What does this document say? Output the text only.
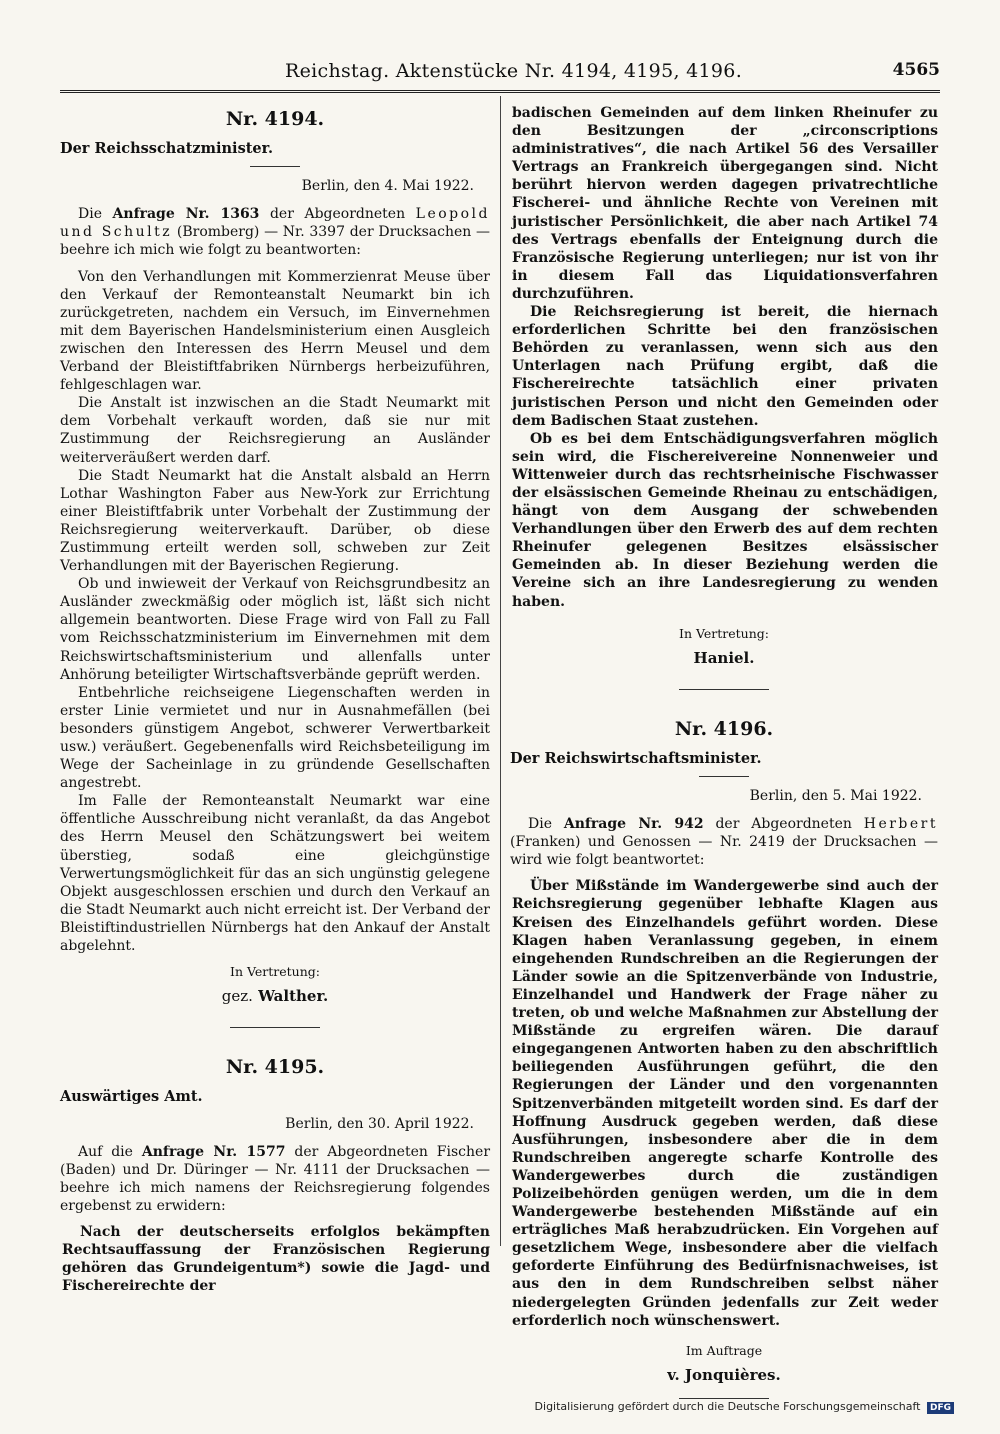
Reichstag. Aktenstücke Nr. 4194, 4195, 4196.	4565
Nr. 4194.
Der Reichsschatzminister.
Berlin, den 4. Mai 1922.

Die Anfrage Nr. 1363 der Abgeordneten Leopold und Schultz (Bromberg) — Nr. 3397 der Drucksachen — beehre ich mich wie folgt zu beantworten:

Von den Verhandlungen mit Kommerzienrat Meuse über den Verkauf der Remonteanstalt Neumarkt bin ich zurückgetreten, nachdem ein Versuch, im Einvernehmen mit dem Bayerischen Handelsministerium einen Ausgleich zwischen den Interessen des Herrn Meusel und dem Verband der Bleistiftfabriken Nürnbergs herbeizuführen, fehlgeschlagen war.

Die Anstalt ist inzwischen an die Stadt Neumarkt mit dem Vorbehalt verkauft worden, daß sie nur mit Zustimmung der Reichsregierung an Ausländer weiterveräußert werden darf.

Die Stadt Neumarkt hat die Anstalt alsbald an Herrn Lothar Washington Faber aus New-York zur Errichtung einer Bleistiftfabrik unter Vorbehalt der Zustimmung der Reichsregierung weiterverkauft. Darüber, ob diese Zustimmung erteilt werden soll, schweben zur Zeit Verhandlungen mit der Bayerischen Regierung.

Ob und inwieweit der Verkauf von Reichsgrundbesitz an Ausländer zweckmäßig oder möglich ist, läßt sich nicht allgemein beantworten. Diese Frage wird von Fall zu Fall vom Reichsschatzministerium im Einvernehmen mit dem Reichswirtschaftsministerium und allenfalls unter Anhörung beteiligter Wirtschaftsverbände geprüft werden.

Entbehrliche reichseigene Liegenschaften werden in erster Linie vermietet und nur in Ausnahmefällen (bei besonders günstigem Angebot, schwerer Verwertbarkeit usw.) veräußert. Gegebenenfalls wird Reichsbeteiligung im Wege der Sacheinlage in zu gründende Gesellschaften angestrebt.

Im Falle der Remonteanstalt Neumarkt war eine öffentliche Ausschreibung nicht veranlaßt, da das Angebot des Herrn Meusel den Schätzungswert bei weitem überstieg, sodaß eine gleichgünstige Verwertungsmöglichkeit für das an sich ungünstig gelegene Objekt ausgeschlossen erschien und durch den Verkauf an die Stadt Neumarkt auch nicht erreicht ist. Der Verband der Bleistiftindustriellen Nürnbergs hat den Ankauf der Anstalt abgelehnt.

In Vertretung:
gez. Walther.
Nr. 4195.
Auswärtiges Amt.
Berlin, den 30. April 1922.

Auf die Anfrage Nr. 1577 der Abgeordneten Fischer (Baden) und Dr. Düringer — Nr. 4111 der Drucksachen — beehre ich mich namens der Reichsregierung folgendes ergebenst zu erwidern:

Nach der deutscherseits erfolglos bekämpften Rechtsauffassung der Französischen Regierung gehören das Grundeigentum*) sowie die Jagd- und Fischereirechte der

badischen Gemeinden auf dem linken Rheinufer zu den Besitzungen der „circonscriptions administratives“, die nach Artikel 56 des Versailler Vertrags an Frankreich übergegangen sind. Nicht berührt hiervon werden dagegen privatrechtliche Fischerei- und ähnliche Rechte von Vereinen mit juristischer Persönlichkeit, die aber nach Artikel 74 des Vertrags ebenfalls der Enteignung durch die Französische Regierung unterliegen; nur ist von ihr in diesem Fall das Liquidationsverfahren durchzuführen.

Die Reichsregierung ist bereit, die hiernach erforderlichen Schritte bei den französischen Behörden zu veranlassen, wenn sich aus den Unterlagen nach Prüfung ergibt, daß die Fischereirechte tatsächlich einer privaten juristischen Person und nicht den Gemeinden oder dem Badischen Staat zustehen.

Ob es bei dem Entschädigungsverfahren möglich sein wird, die Fischereivereine Nonnenweier und Wittenweier durch das rechtsrheinische Fischwasser der elsässischen Gemeinde Rheinau zu entschädigen, hängt von dem Ausgang der schwebenden Verhandlungen über den Erwerb des auf dem rechten Rheinufer gelegenen Besitzes elsässischer Gemeinden ab. In dieser Beziehung werden die Vereine sich an ihre Landesregierung zu wenden haben.

In Vertretung:
Haniel.
Nr. 4196.
Der Reichswirtschaftsminister.
Berlin, den 5. Mai 1922.

Die Anfrage Nr. 942 der Abgeordneten Herbert (Franken) und Genossen — Nr. 2419 der Drucksachen — wird wie folgt beantwortet:

Über Mißstände im Wandergewerbe sind auch der Reichsregierung gegenüber lebhafte Klagen aus Kreisen des Einzelhandels geführt worden. Diese Klagen haben Veranlassung gegeben, in einem eingehenden Rundschreiben an die Regierungen der Länder sowie an die Spitzenverbände von Industrie, Einzelhandel und Handwerk der Frage näher zu treten, ob und welche Maßnahmen zur Abstellung der Mißstände zu ergreifen wären. Die darauf eingegangenen Antworten haben zu den abschriftlich beiliegenden Ausführungen geführt, die den Regierungen der Länder und den vorgenannten Spitzenverbänden mitgeteilt worden sind. Es darf der Hoffnung Ausdruck gegeben werden, daß diese Ausführungen, insbesondere aber die in dem Rundschreiben angeregte scharfe Kontrolle des Wandergewerbes durch die zuständigen Polizeibehörden genügen werden, um die in dem Wandergewerbe bestehenden Mißstände auf ein erträgliches Maß herabzudrücken. Ein Vorgehen auf gesetzlichem Wege, insbesondere aber die vielfach geforderte Einführung des Bedürfnisnachweises, ist aus den in dem Rundschreiben selbst näher niedergelegten Gründen jedenfalls zur Zeit weder erforderlich noch wünschenswert.

Im Auftrage
v. Jonquières.
Digitalisierung gefördert durch die Deutsche Forschungsgemeinschaft DFG
